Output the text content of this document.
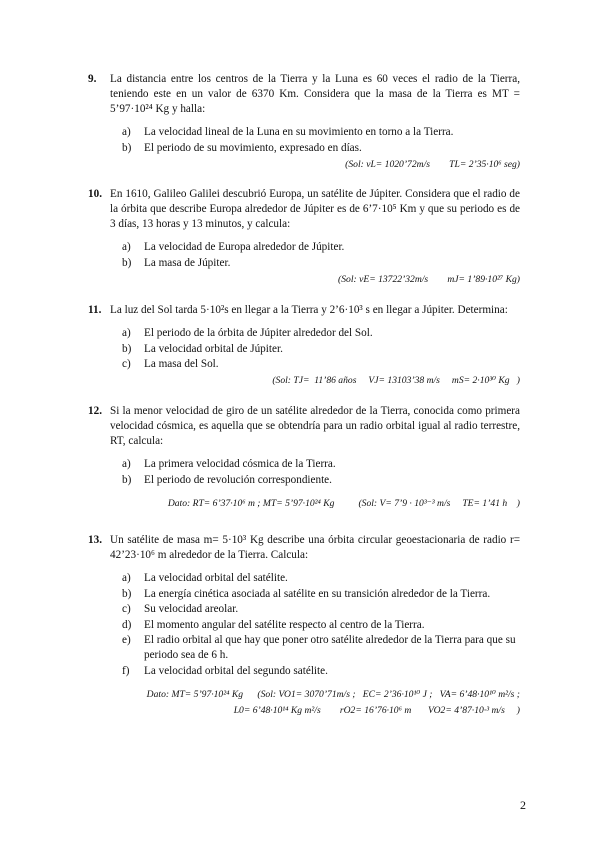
9. La distancia entre los centros de la Tierra y la Luna es 60 veces el radio de la Tierra, teniendo este en un valor de 6370 Km. Considera que la masa de la Tierra es MT = 5’97·10²⁴ Kg y halla:
a) La velocidad lineal de la Luna en su movimiento en torno a la Tierra.
b) El periodo de su movimiento, expresado en días.
(Sol: vL= 1020’72m/s        TL= 2’35·10⁶ seg)
10. En 1610, Galileo Galilei descubrió Europa, un satélite de Júpiter. Considera que el radio de la órbita que describe Europa alrededor de Júpiter es de 6’7·10⁵ Km y que su periodo es de 3 días, 13 horas y 13 minutos, y calcula:
a) La velocidad de Europa alrededor de Júpiter.
b) La masa de Júpiter.
(Sol: vE= 13722’32m/s        mJ= 1’89·10²⁷ Kg)
11. La luz del Sol tarda 5·10²s en llegar a la Tierra y 2’6·10³ s en llegar a Júpiter. Determina:
a) El periodo de la órbita de Júpiter alrededor del Sol.
b) La velocidad orbital de Júpiter.
c) La masa del Sol.
(Sol: TJ=  11’86 años     VJ= 13103’38 m/s     mS= 2·10³⁰ Kg   )
12. Si la menor velocidad de giro de un satélite alrededor de la Tierra, conocida como primera velocidad cósmica, es aquella que se obtendría para un radio orbital igual al radio terrestre, RT, calcula:
a) La primera velocidad cósmica de la Tierra.
b) El periodo de revolución correspondiente.
Dato: RT= 6’37·10⁶ m ; MT= 5’97·10²⁴ Kg          (Sol: V= 7’9 · 10³⁻³ m/s     TE= 1’41 h    )
13. Un satélite de masa m= 5·10³ Kg describe una órbita circular geoestacionaria de radio r= 42’23·10⁶ m alrededor de la Tierra. Calcula:
a) La velocidad orbital del satélite.
b) La energía cinética asociada al satélite en su transición alrededor de la Tierra.
c) Su velocidad areolar.
d) El momento angular del satélite respecto al centro de la Tierra.
e) El radio orbital al que hay que poner otro satélite alrededor de la Tierra para que su periodo sea de 6 h.
f) La velocidad orbital del segundo satélite.
Dato: MT= 5’97·10²⁴ Kg      (Sol: VO1= 3070’71m/s ;   EC= 2’36·10¹⁰ J ;   VA= 6’48·10¹⁰ m²/s ;
L0= 6’48·10¹⁴ Kg m²/s        rO2= 16’76·10⁶ m       VO2= 4’87·10·³ m/s     )
2
